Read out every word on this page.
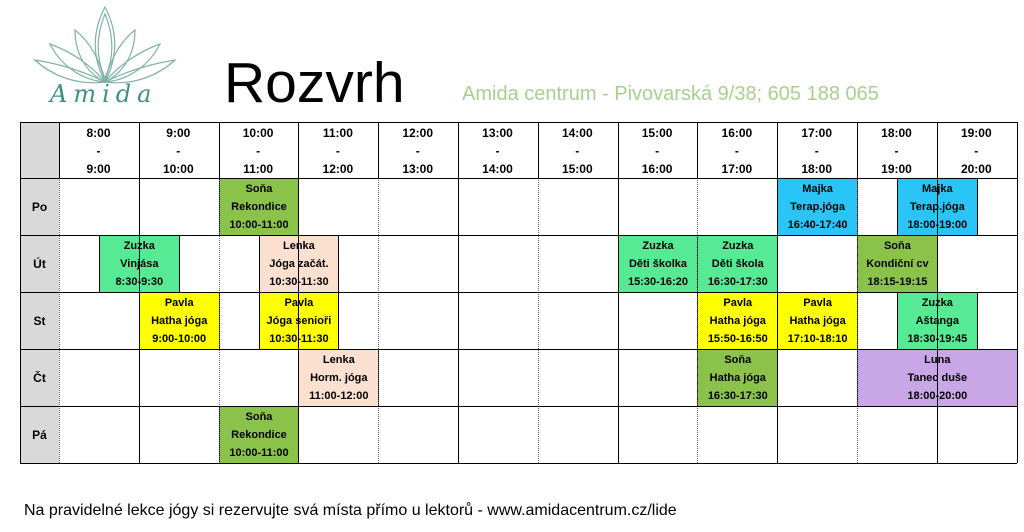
Amida Rozvrh	Amida centrum - Pivovarská 9/38; 605 188 065
Po
Út
St
Čt
Pá
8:00
-
9:00
9:00
-
10:00
10:00
-
11:00
11:00
-
12:00
12:00
-
13:00
13:00
-
14:00
14:00
-
15:00
15:00
-
16:00
16:00
-
17:00
17:00
-
18:00
18:00
-
19:00
19:00
-
20:00
Soňa
Rekondice
10:00-11:00
Majka
Terap.jóga
16:40-17:40
Majka
Terap.jóga
18:00-19:00
Zuzka
Vinjása
8:30-9:30
Lenka
Jóga začát.
10:30-11:30
Zuzka
Děti školka
15:30-16:20
Zuzka
Děti škola
16:30-17:30
Soňa
Kondiční cv
18:15-19:15
Pavla
Hatha jóga
9:00-10:00
Pavla
Jóga senioři
10:30-11:30
Pavla
Hatha jóga
15:50-16:50
Pavla
Hatha jóga
17:10-18:10
Zuzka
Aštanga
18:30-19:45
Lenka
Horm. jóga
11:00-12:00
Soňa
Hatha jóga
16:30-17:30
Luna
Tanec duše
18:00-20:00
Soňa
Rekondice
10:00-11:00
Na pravidelné lekce jógy si rezervujte svá místa přímo u lektorů - www.amidacentrum.cz/lide
